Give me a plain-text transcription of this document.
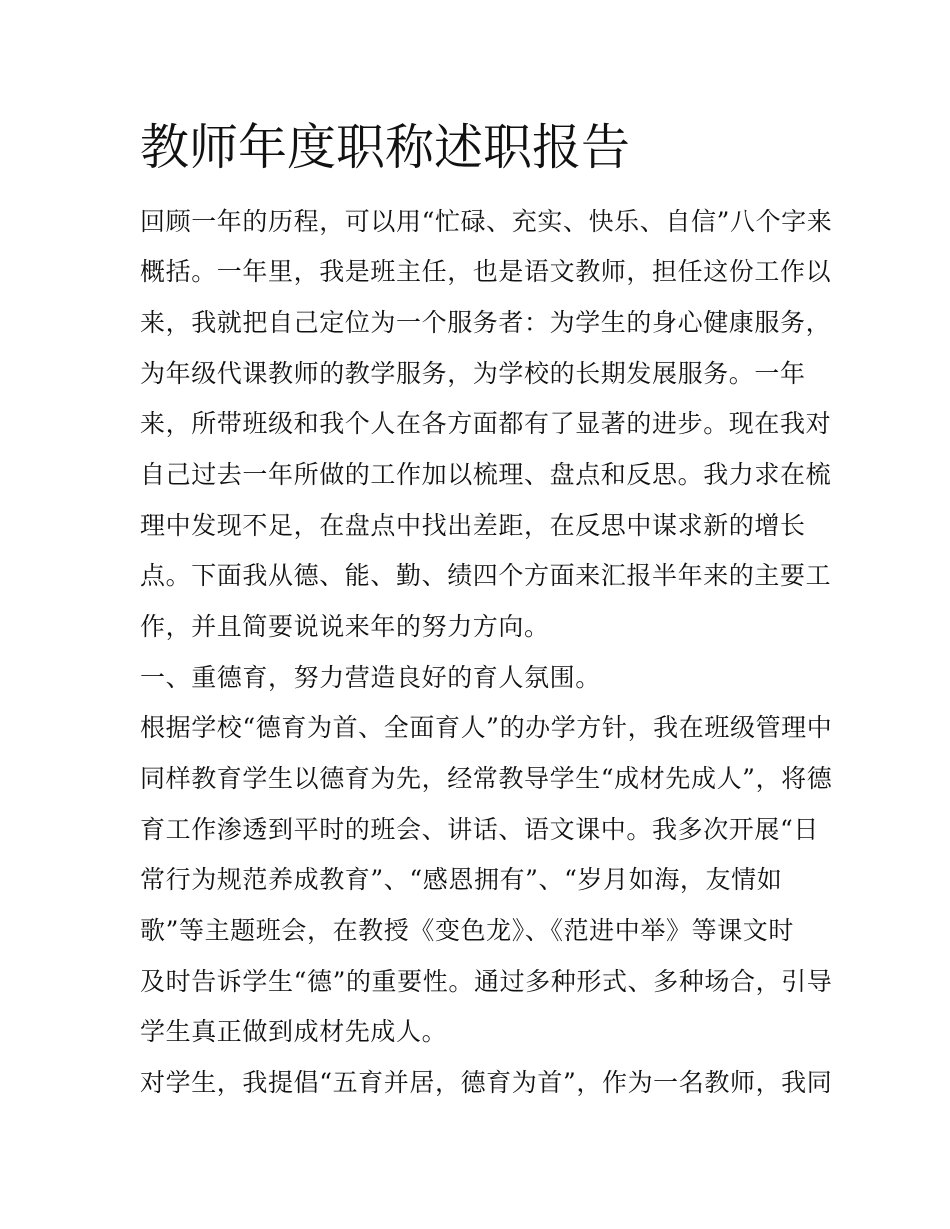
教师年度职称述职报告
回顾一年的历程，可以用“忙碌、充实、快乐、自信”八个字来
概括。一年里，我是班主任，也是语文教师，担任这份工作以
来，我就把自己定位为一个服务者：为学生的身心健康服务，
为年级代课教师的教学服务，为学校的长期发展服务。一年
来，所带班级和我个人在各方面都有了显著的进步。现在我对
自己过去一年所做的工作加以梳理、盘点和反思。我力求在梳
理中发现不足，在盘点中找出差距，在反思中谋求新的增长
点。下面我从德、能、勤、绩四个方面来汇报半年来的主要工
作，并且简要说说来年的努力方向。
一、重德育，努力营造良好的育人氛围。
根据学校“德育为首、全面育人”的办学方针，我在班级管理中
同样教育学生以德育为先，经常教导学生“成材先成人”，将德
育工作渗透到平时的班会、讲话、语文课中。我多次开展“日
常行为规范养成教育”、“感恩拥有”、“岁月如海，友情如
歌”等主题班会，在教授《变色龙》、《范进中举》等课文时
及时告诉学生“德”的重要性。通过多种形式、多种场合，引导
学生真正做到成材先成人。
对学生，我提倡“五育并居，德育为首”，作为一名教师，我同
